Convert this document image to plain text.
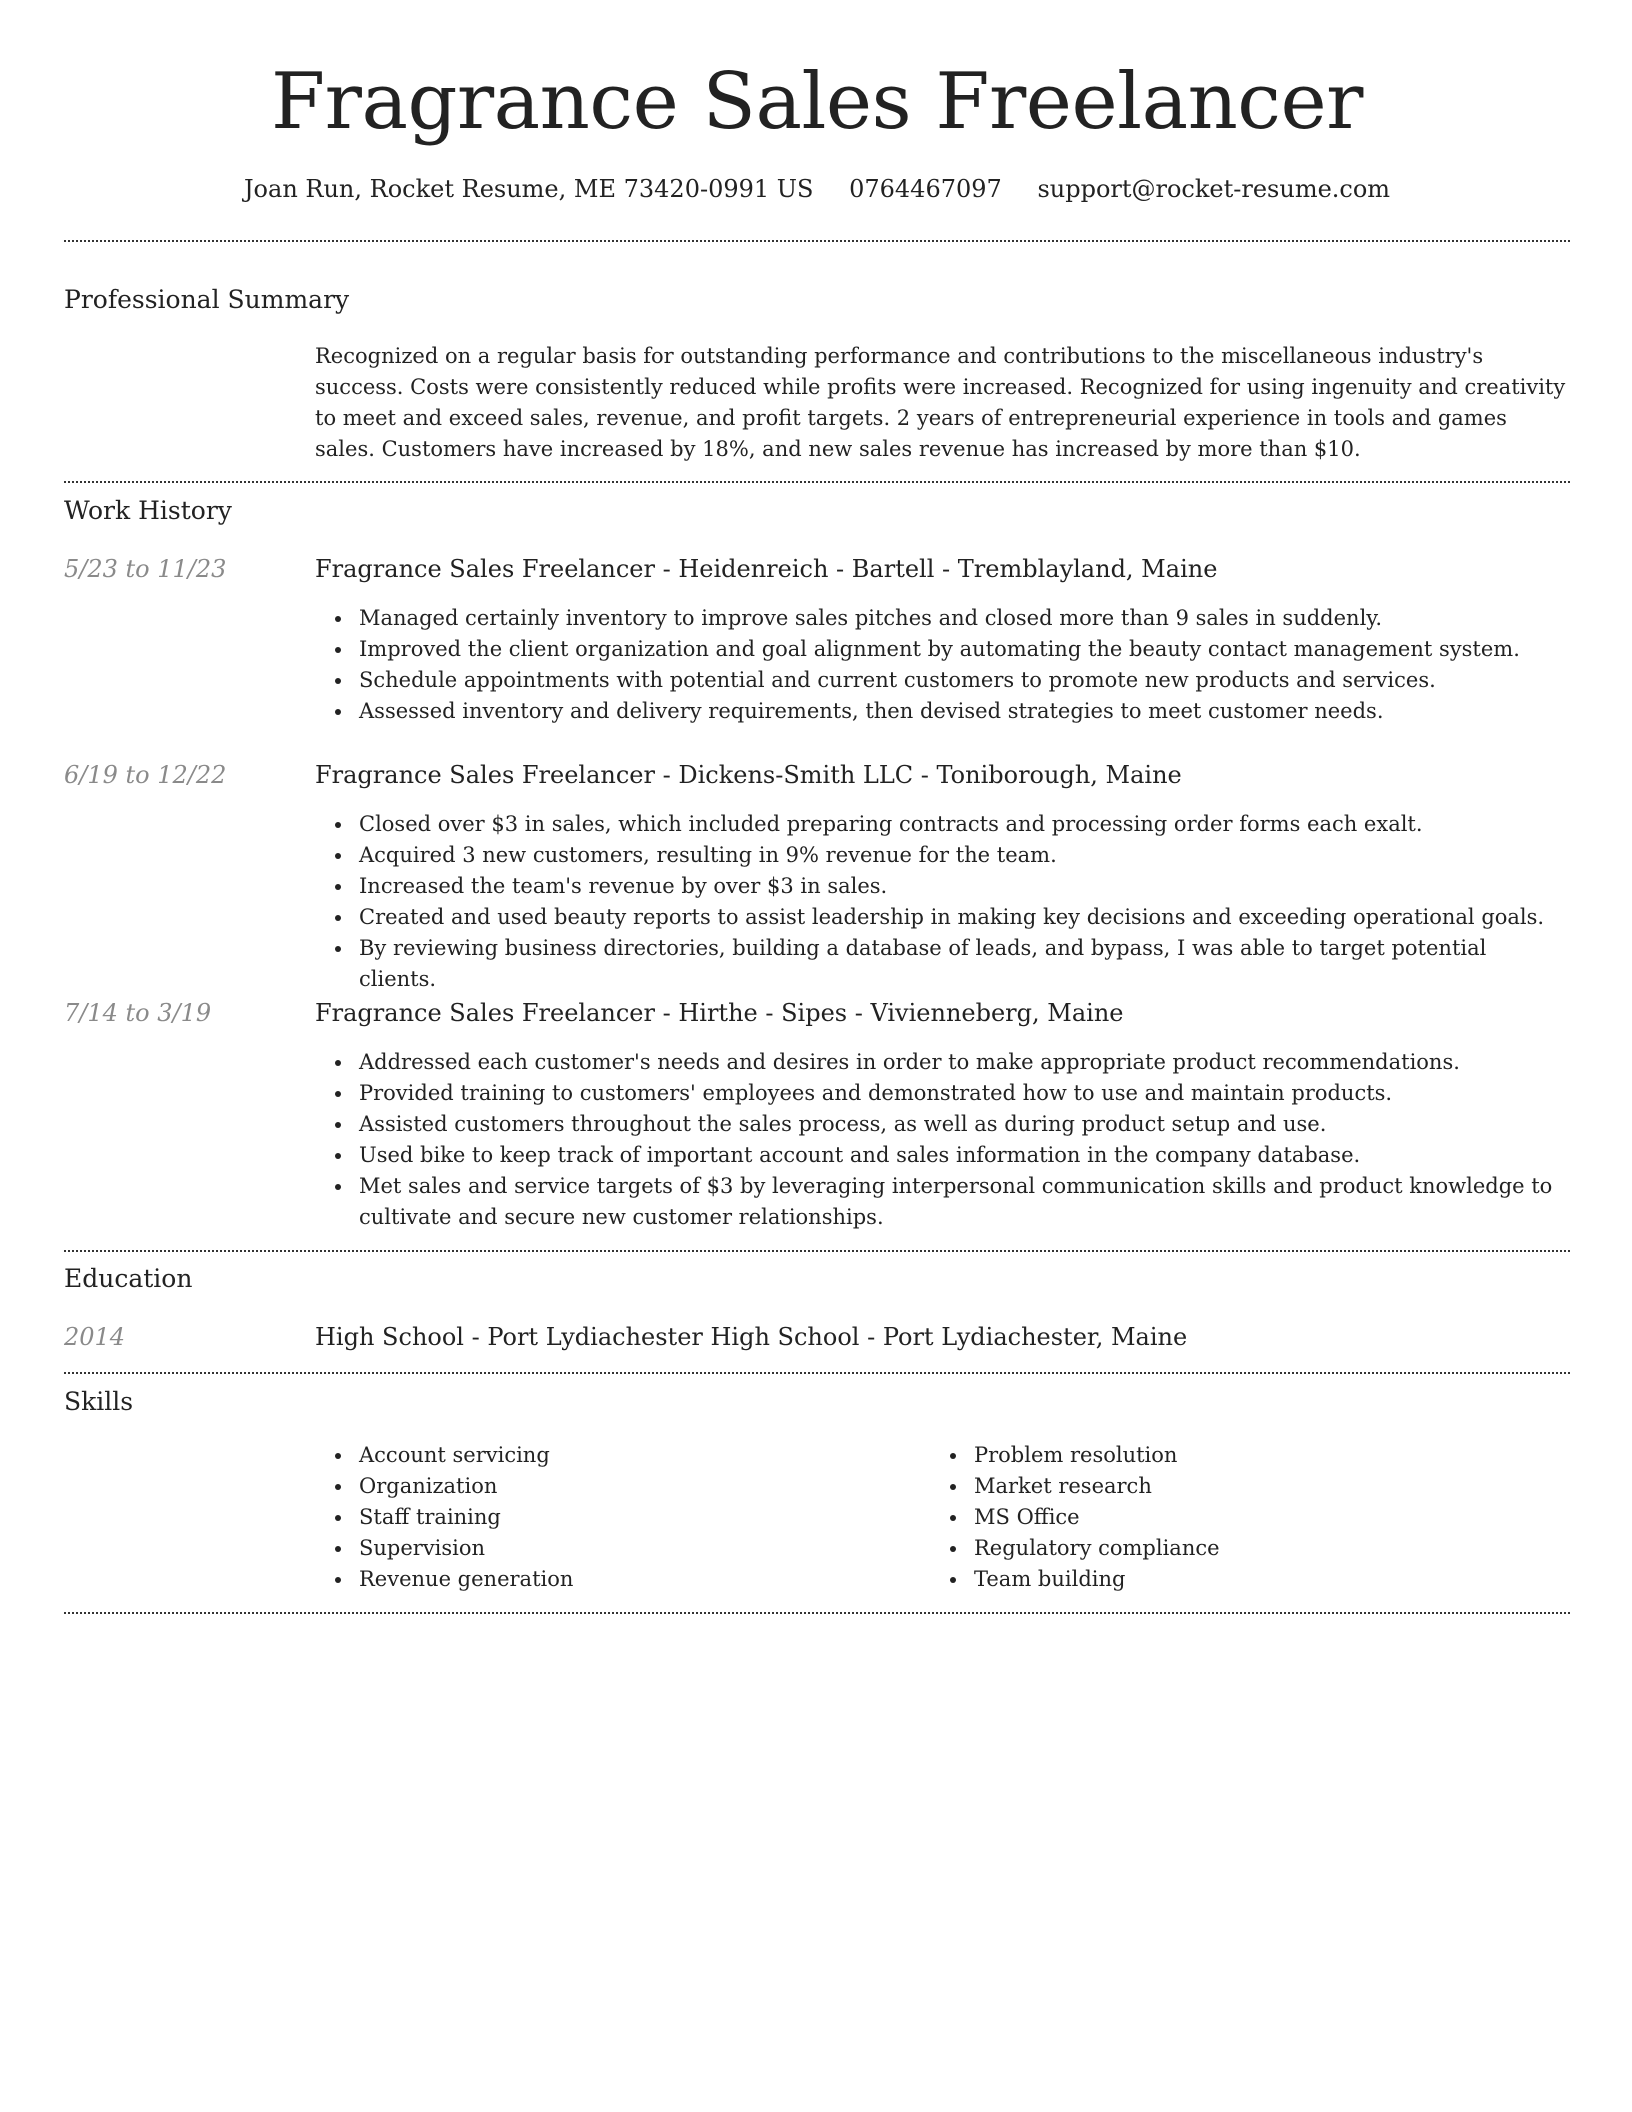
Fragrance Sales Freelancer
Joan Run, Rocket Resume, ME 73420-0991 US 0764467097 support@rocket-resume.com
Professional Summary

Recognized on a regular basis for outstanding performance and contributions to the miscellaneous industry's success. Costs were consistently reduced while profits were increased. Recognized for using ingenuity and creativity to meet and exceed sales, revenue, and profit targets. 2 years of entrepreneurial experience in tools and games sales. Customers have increased by 18%, and new sales revenue has increased by more than $10.

Work History
5/23 to 11/23	Fragrance Sales Freelancer - Heidenreich - Bartell - Tremblayland, Maine
Managed certainly inventory to improve sales pitches and closed more than 9 sales in suddenly.
Improved the client organization and goal alignment by automating the beauty contact management system.
Schedule appointments with potential and current customers to promote new products and services.
Assessed inventory and delivery requirements, then devised strategies to meet customer needs.
6/19 to 12/22	Fragrance Sales Freelancer - Dickens-Smith LLC - Toniborough, Maine
Closed over $3 in sales, which included preparing contracts and processing order forms each exalt.
Acquired 3 new customers, resulting in 9% revenue for the team.
Increased the team's revenue by over $3 in sales.
Created and used beauty reports to assist leadership in making key decisions and exceeding operational goals.
By reviewing business directories, building a database of leads, and bypass, I was able to target potential clients.
7/14 to 3/19	Fragrance Sales Freelancer - Hirthe - Sipes - Vivienneberg, Maine
Addressed each customer's needs and desires in order to make appropriate product recommendations.
Provided training to customers' employees and demonstrated how to use and maintain products.
Assisted customers throughout the sales process, as well as during product setup and use.
Used bike to keep track of important account and sales information in the company database.
Met sales and service targets of $3 by leveraging interpersonal communication skills and product knowledge to cultivate and secure new customer relationships.
Education
2014	High School - Port Lydiachester High School - Port Lydiachester, Maine
Skills
Account servicing
Organization
Staff training
Supervision
Revenue generation
Problem resolution
Market research
MS Office
Regulatory compliance
Team building
